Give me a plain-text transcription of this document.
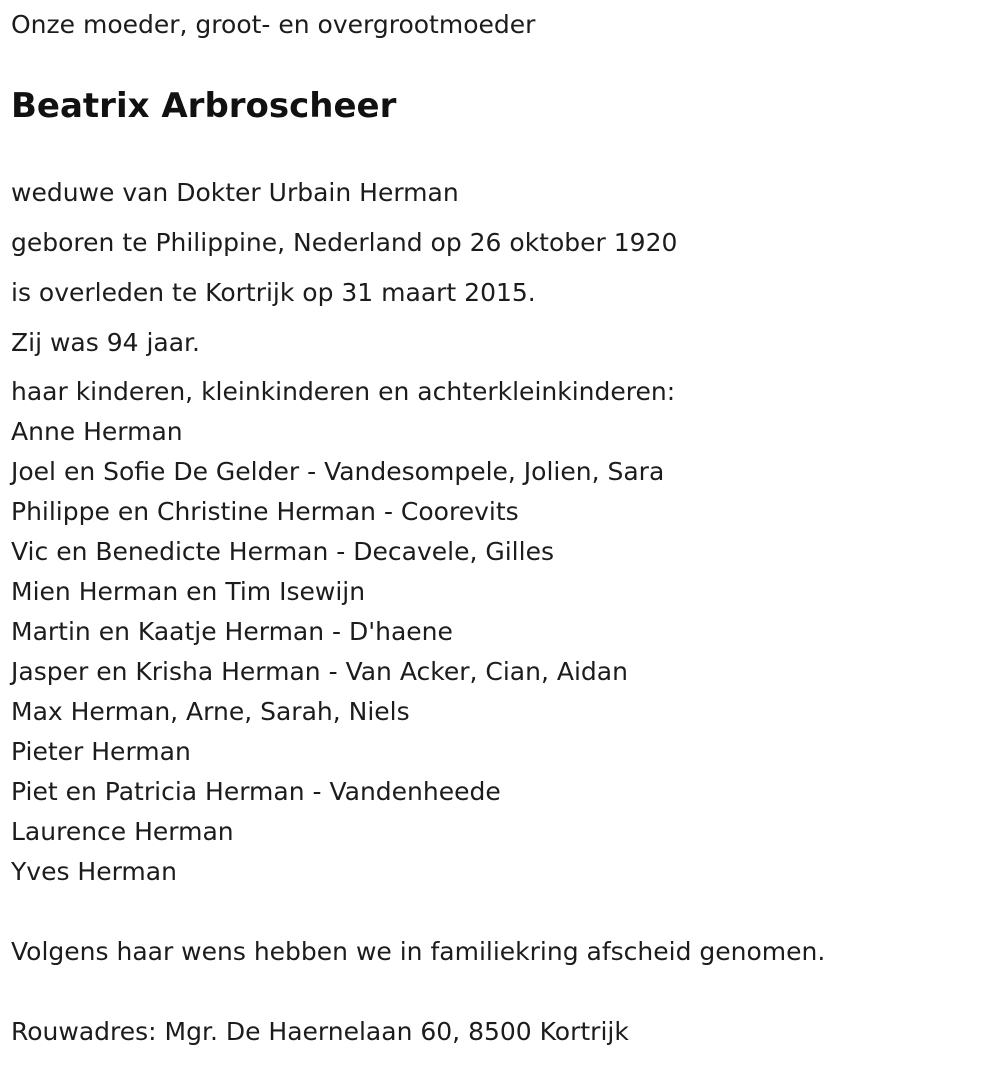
Onze moeder, groot- en overgrootmoeder
Beatrix Arbroscheer
weduwe van Dokter Urbain Herman
geboren te Philippine, Nederland op 26 oktober 1920
is overleden te Kortrijk op 31 maart 2015.
Zij was 94 jaar.
haar kinderen, kleinkinderen en achterkleinkinderen:
Anne Herman
Joel en Sofie De Gelder - Vandesompele, Jolien, Sara
Philippe en Christine Herman - Coorevits
Vic en Benedicte Herman - Decavele, Gilles
Mien Herman en Tim Isewijn
Martin en Kaatje Herman - D'haene
Jasper en Krisha Herman - Van Acker, Cian, Aidan
Max Herman, Arne, Sarah, Niels
Pieter Herman
Piet en Patricia Herman - Vandenheede
Laurence Herman
Yves Herman
Volgens haar wens hebben we in familiekring afscheid genomen.
Rouwadres: Mgr. De Haernelaan 60, 8500 Kortrijk
